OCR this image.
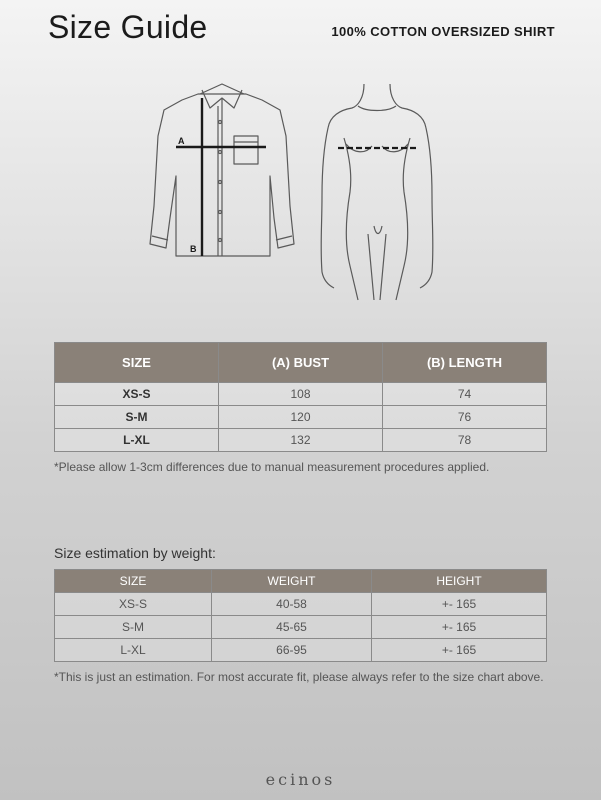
Size Guide	100% COTTON OVERSIZED SHIRT
A
B
SIZE	(A) BUST	(B) LENGTH
XS-S	108	74
S-M	120	76
L-XL	132	78
*Please allow 1-3cm differences due to manual measurement procedures applied.
Size estimation by weight:
SIZE	WEIGHT	HEIGHT
XS-S	40-58	+- 165
S-M	45-65	+- 165
L-XL	66-95	+- 165
*This is just an estimation. For most accurate fit, please always refer to the size chart above.
ecinos
